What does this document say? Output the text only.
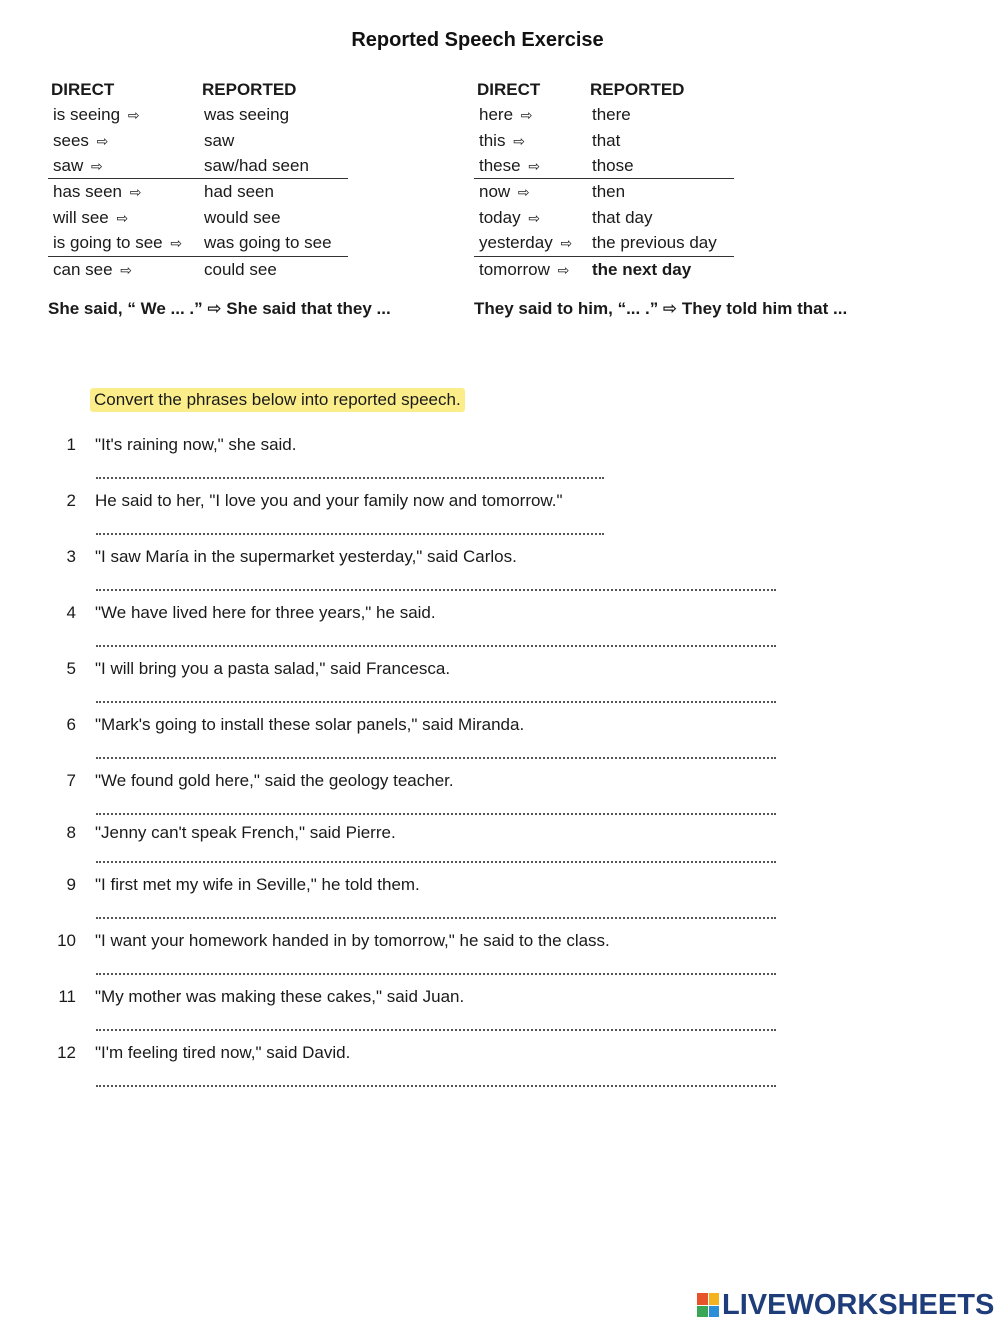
Reported Speech Exercise
DIRECT	REPORTED
is seeing ⇨	was seeing
sees ⇨	saw
saw ⇨	saw/had seen
has seen ⇨	had seen
will see ⇨	would see
is going to see ⇨	was going to see
can see ⇨	could see
DIRECT	REPORTED
here ⇨	there
this ⇨	that
these ⇨	those
now ⇨	then
today ⇨	that day
yesterday ⇨	the previous day
tomorrow ⇨	the next day
She said, “ We ... .” ⇨ She said that they ...	They said to him, “... .” ⇨ They told him that ...
Convert the phrases below into reported speech.
1 "It's raining now," she said.
2 He said to her, "I love you and your family now and tomorrow."
3 "I saw María in the supermarket yesterday," said Carlos.
4 "We have lived here for three years," he said.
5 "I will bring you a pasta salad," said Francesca.
6 "Mark's going to install these solar panels," said Miranda.
7 "We found gold here," said the geology teacher.
8 "Jenny can't speak French," said Pierre.
9 "I first met my wife in Seville," he told them.
10 "I want your homework handed in by tomorrow," he said to the class.
11 "My mother was making these cakes," said Juan.
12 "I'm feeling tired now," said David.
LIVEWORKSHEETS
